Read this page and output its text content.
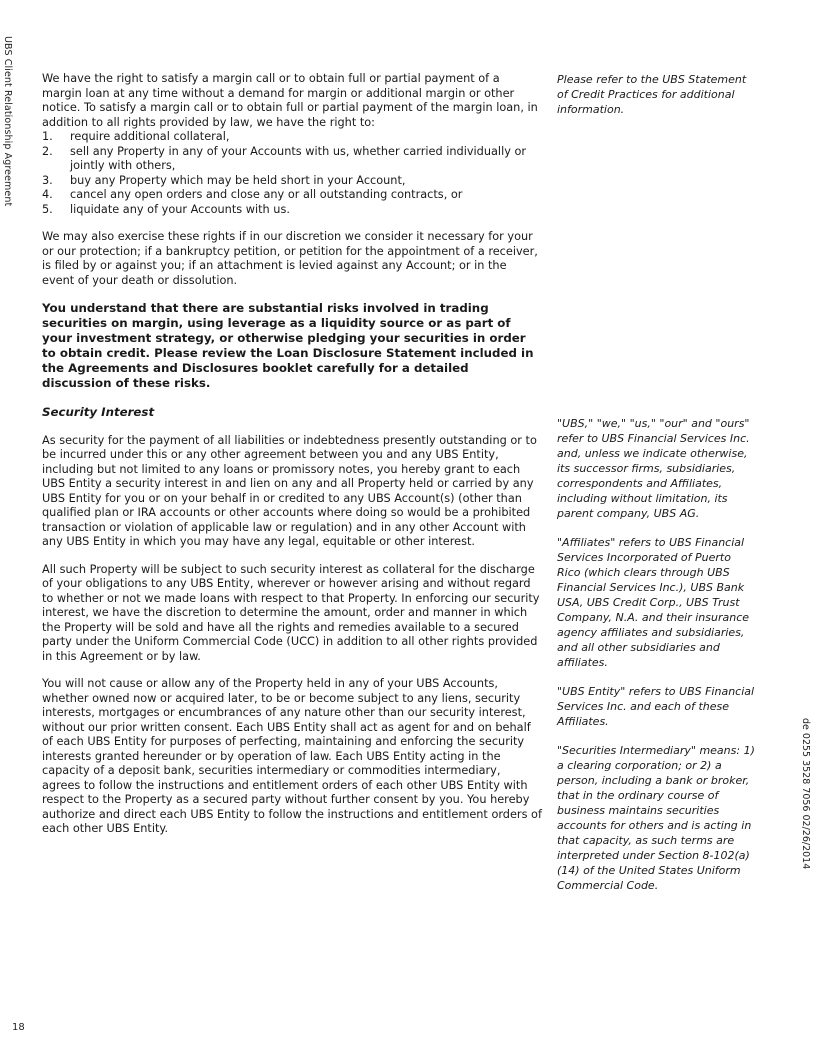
UBS Client Relationship Agreement
de 0255 3528 7056 02/26/2014
18

We have the right to satisfy a margin call or to obtain full or partial payment of a margin loan at any time without a demand for margin or additional margin or other notice. To satisfy a margin call or to obtain full or partial payment of the margin loan, in addition to all rights provided by law, we have the right to:

1.	require additional collateral,
2.	sell any Property in any of your Accounts with us, whether carried individually or jointly with others,
3.	buy any Property which may be held short in your Account,
4.	cancel any open orders and close any or all outstanding contracts, or
5.	liquidate any of your Accounts with us.

We may also exercise these rights if in our discretion we consider it necessary for your or our protection; if a bankruptcy petition, or petition for the appointment of a receiver, is filed by or against you; if an attachment is levied against any Account; or in the event of your death or dissolution.

You understand that there are substantial risks involved in trading securities on margin, using leverage as a liquidity source or as part of your investment strategy, or otherwise pledging your securities in order to obtain credit. Please review the Loan Disclosure Statement included in the Agreements and Disclosures booklet carefully for a detailed discussion of these risks.

Security Interest

As security for the payment of all liabilities or indebtedness presently outstanding or to be incurred under this or any other agreement between you and any UBS Entity, including but not limited to any loans or promissory notes, you hereby grant to each UBS Entity a security interest in and lien on any and all Property held or carried by any UBS Entity for you or on your behalf in or credited to any UBS Account(s) (other than qualified plan or IRA accounts or other accounts where doing so would be a prohibited transaction or violation of applicable law or regulation) and in any other Account with any UBS Entity in which you may have any legal, equitable or other interest.

All such Property will be subject to such security interest as collateral for the discharge of your obligations to any UBS Entity, wherever or however arising and without regard to whether or not we made loans with respect to that Property. In enforcing our security interest, we have the discretion to determine the amount, order and manner in which the Property will be sold and have all the rights and remedies available to a secured party under the Uniform Commercial Code (UCC) in addition to all other rights provided in this Agreement or by law.

You will not cause or allow any of the Property held in any of your UBS Accounts, whether owned now or acquired later, to be or become subject to any liens, security interests, mortgages or encumbrances of any nature other than our security interest, without our prior written consent. Each UBS Entity shall act as agent for and on behalf of each UBS Entity for purposes of perfecting, maintaining and enforcing the security interests granted hereunder or by operation of law. Each UBS Entity acting in the capacity of a deposit bank, securities intermediary or commodities intermediary, agrees to follow the instructions and entitlement orders of each other UBS Entity with respect to the Property as a secured party without further consent by you. You hereby authorize and direct each UBS Entity to follow the instructions and entitlement orders of each other UBS Entity.

Please refer to the UBS Statement of Credit Practices for additional information.

"UBS," "we," "us," "our" and "ours" refer to UBS Financial Services Inc. and, unless we indicate otherwise, its successor firms, subsidiaries, correspondents and Affiliates, including without limitation, its parent company, UBS AG.

"Affiliates" refers to UBS Financial Services Incorporated of Puerto Rico (which clears through UBS Financial Services Inc.), UBS Bank USA, UBS Credit Corp., UBS Trust Company, N.A. and their insurance agency affiliates and subsidiaries, and all other subsidiaries and affiliates.

"UBS Entity" refers to UBS Financial Services Inc. and each of these Affiliates.

"Securities Intermediary" means: 1) a clearing corporation; or 2) a person, including a bank or broker, that in the ordinary course of business maintains securities accounts for others and is acting in that capacity, as such terms are interpreted under Section 8-102(a)(14) of the United States Uniform Commercial Code.
